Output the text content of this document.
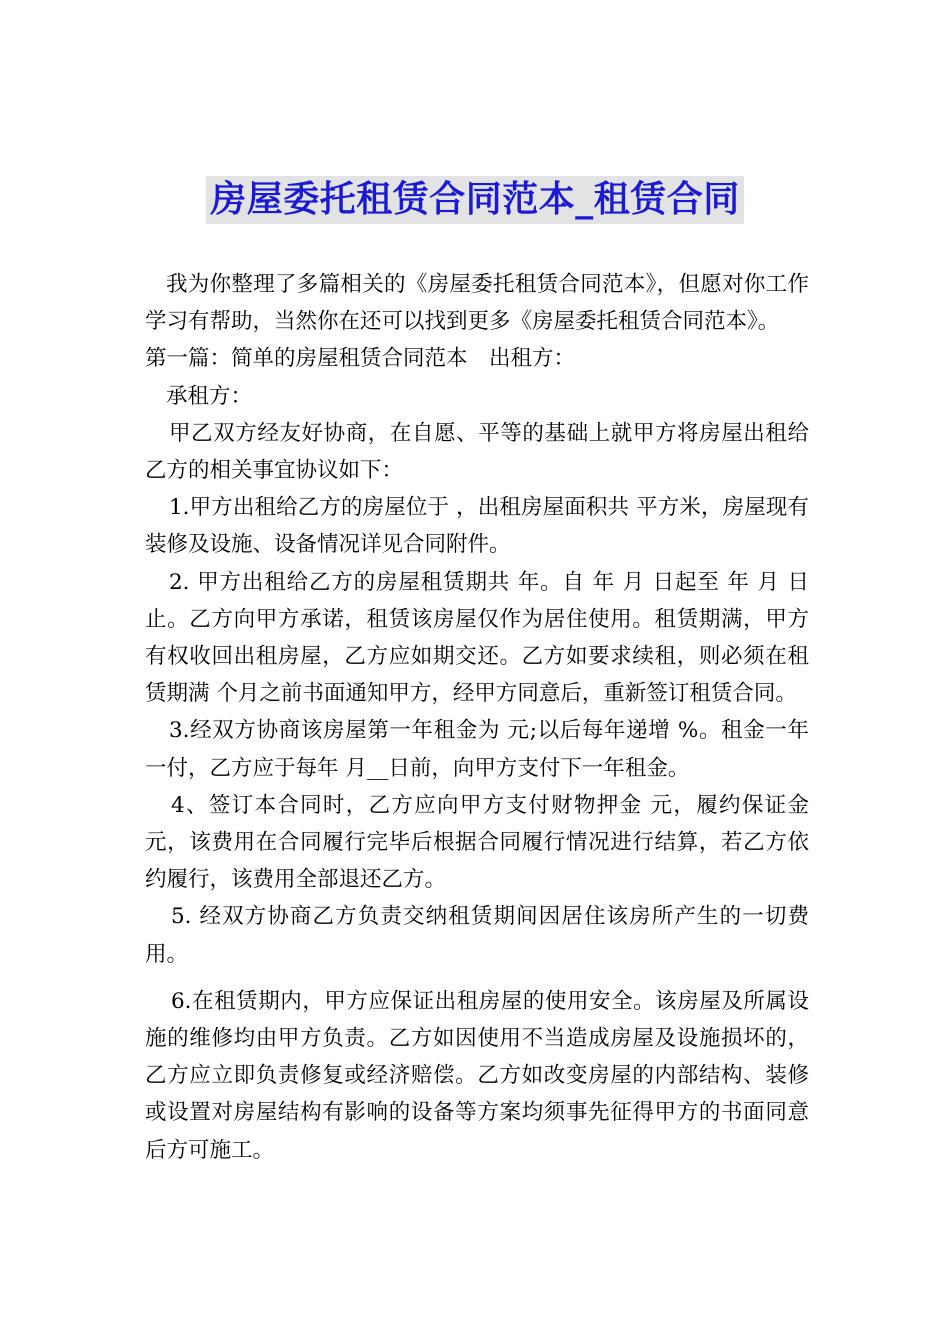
房屋委托租赁合同范本_租赁合同

我为你整理了多篇相关的《房屋委托租赁合同范本》，但愿对你工作学习有帮助，当然你在还可以找到更多《房屋委托租赁合同范本》。

第一篇：简单的房屋租赁合同范本　出租方：

承租方：

甲乙双方经友好协商，在自愿、平等的基础上就甲方将房屋出租给乙方的相关事宜协议如下：

1.甲方出租给乙方的房屋位于 ，出租房屋面积共 平方米，房屋现有装修及设施、设备情况详见合同附件。

2. 甲方出租给乙方的房屋租赁期共 年。自 年 月 日起至 年 月 日止。乙方向甲方承诺，租赁该房屋仅作为居住使用。租赁期满，甲方有权收回出租房屋，乙方应如期交还。乙方如要求续租，则必须在租赁期满 个月之前书面通知甲方，经甲方同意后，重新签订租赁合同。

3.经双方协商该房屋第一年租金为 元;以后每年递增 %。租金一年一付，乙方应于每年 月__日前，向甲方支付下一年租金。

4、签订本合同时，乙方应向甲方支付财物押金 元，履约保证金 元，该费用在合同履行完毕后根据合同履行情况进行结算，若乙方依约履行，该费用全部退还乙方。

5. 经双方协商乙方负责交纳租赁期间因居住该房所产生的一切费用。

6.在租赁期内，甲方应保证出租房屋的使用安全。该房屋及所属设施的维修均由甲方负责。乙方如因使用不当造成房屋及设施损坏的，乙方应立即负责修复或经济赔偿。乙方如改变房屋的内部结构、装修或设置对房屋结构有影响的设备等方案均须事先征得甲方的书面同意后方可施工。
